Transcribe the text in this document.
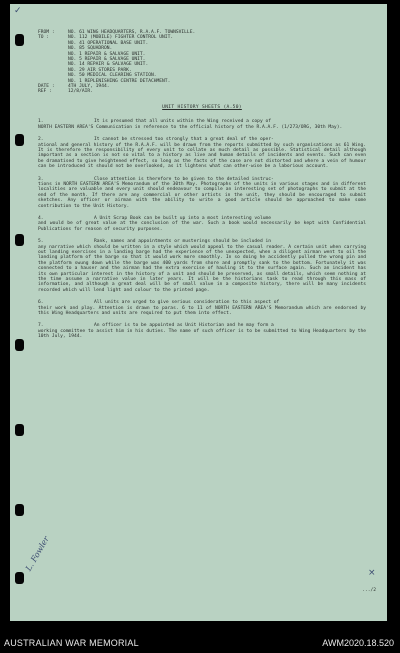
FROM :	NO. 61 WING HEADQUARTERS, R.A.A.F. TOWNSVILLE.
TO :	NO. 112 (MOBILE) FIGHTER CONTROL UNIT.
NO. 41 OPERATIONAL BASE UNIT.
NO. 85 SQUADRON.
NO. 1 REPAIR & SALVAGE UNIT.
NO. 5 REPAIR & SALVAGE UNIT.
NO. 14 REPAIR & SALVAGE UNIT.
NO. 29 AIR STORES PARK.
NO. 50 MEDICAL CLEARING STATION.
NO. 1 REPLENISHING CENTRE DETACHMENT.
DATE :	4TH JULY, 1944.
REF :	12/8/AIR.
UNIT HISTORY SHEETS (A.50)
1.	It is presumed that all units within the Wing received a copy of
NORTH EASTERN AREA'S Communication in reference to the official history of the R.A.A.F. (1/273/ORG, 30th May).
2.	It cannot be stressed too strongly that a great deal of the oper-
ational and general history of the R.A.A.F. will be drawn from the reports submitted by such organisations as 61 Wing. It is therefore the responsibility of every unit to collate as much detail as possible. Statistical detail although important as a section is not so vital to a history as live and human details of incidents and events. Such can even be dramatised to give heightened effect, so long as the facts of the case are not distorted and where a vein of humour can be introduced it should not be overlooked, as it lightens what can other-wise be a laborious account.
3.	Close attention is therefore to be given to the detailed instruc-
tions in NORTH EASTERN AREA'S Memorandum of the 30th May. Photographs of the units in various stages and in different localities are valuable and every unit should endeavour to compile an interesting set of photographs to submit at the end of the month. If there are any commercial or other artists in the unit, they should be encouraged to submit sketches. Any officer or airman with the ability to write a good article should be approached to make some contribution to the Unit History.
4.	A Unit Scrap Book can be built up into a most interesting volume
and would be of great value at the conclusion of the war. Such a book would necessarily be kept with Confidential Publications for reason of security purposes.
5.	Rank, names and appointments or musterings should be included in
any narrative which should be written in a style which would appeal to the casual reader. A certain unit when carrying out landing exercises in a landing barge had the experience of the unexpected, when a diligent airman went to oil the landing platform of the barge so that it would work more smoothly. In so doing he accidently pulled the wrong pin and the platform swung down while the barge was 400 yards from shore and promptly sank to the bottom. Fortunately it was connected to a hauser and the airman had the extra exercise of hauling it to the surface again. Such an incident has its own particular interest in the history of a unit and should be preserved, as small details, which seem nothing at the time assume a narrative value in later years. It will be the historians task to read through this mass of information, and although a great deal will be of small value in a composite history, there will be many incidents recorded which will lend light and colour to the printed page.
6.	All units are urged to give serious consideration to this aspect of
their work and play. Attention is drawn to paras. 6 to 11 of NORTH EASTERN AREA'S Memorandum which are endorsed by this Wing Headquarters and units are required to put them into effect.
7.	An officer is to be appointed as Unit Historian and he may form a
working committee to assist him in his duties. The name of such officer is to be submitted to Wing Headquarters by the 10th July, 1944.
✓
×
L. Fowler
.../2
AUSTRALIAN WAR MEMORIAL	AWM2020.18.520
